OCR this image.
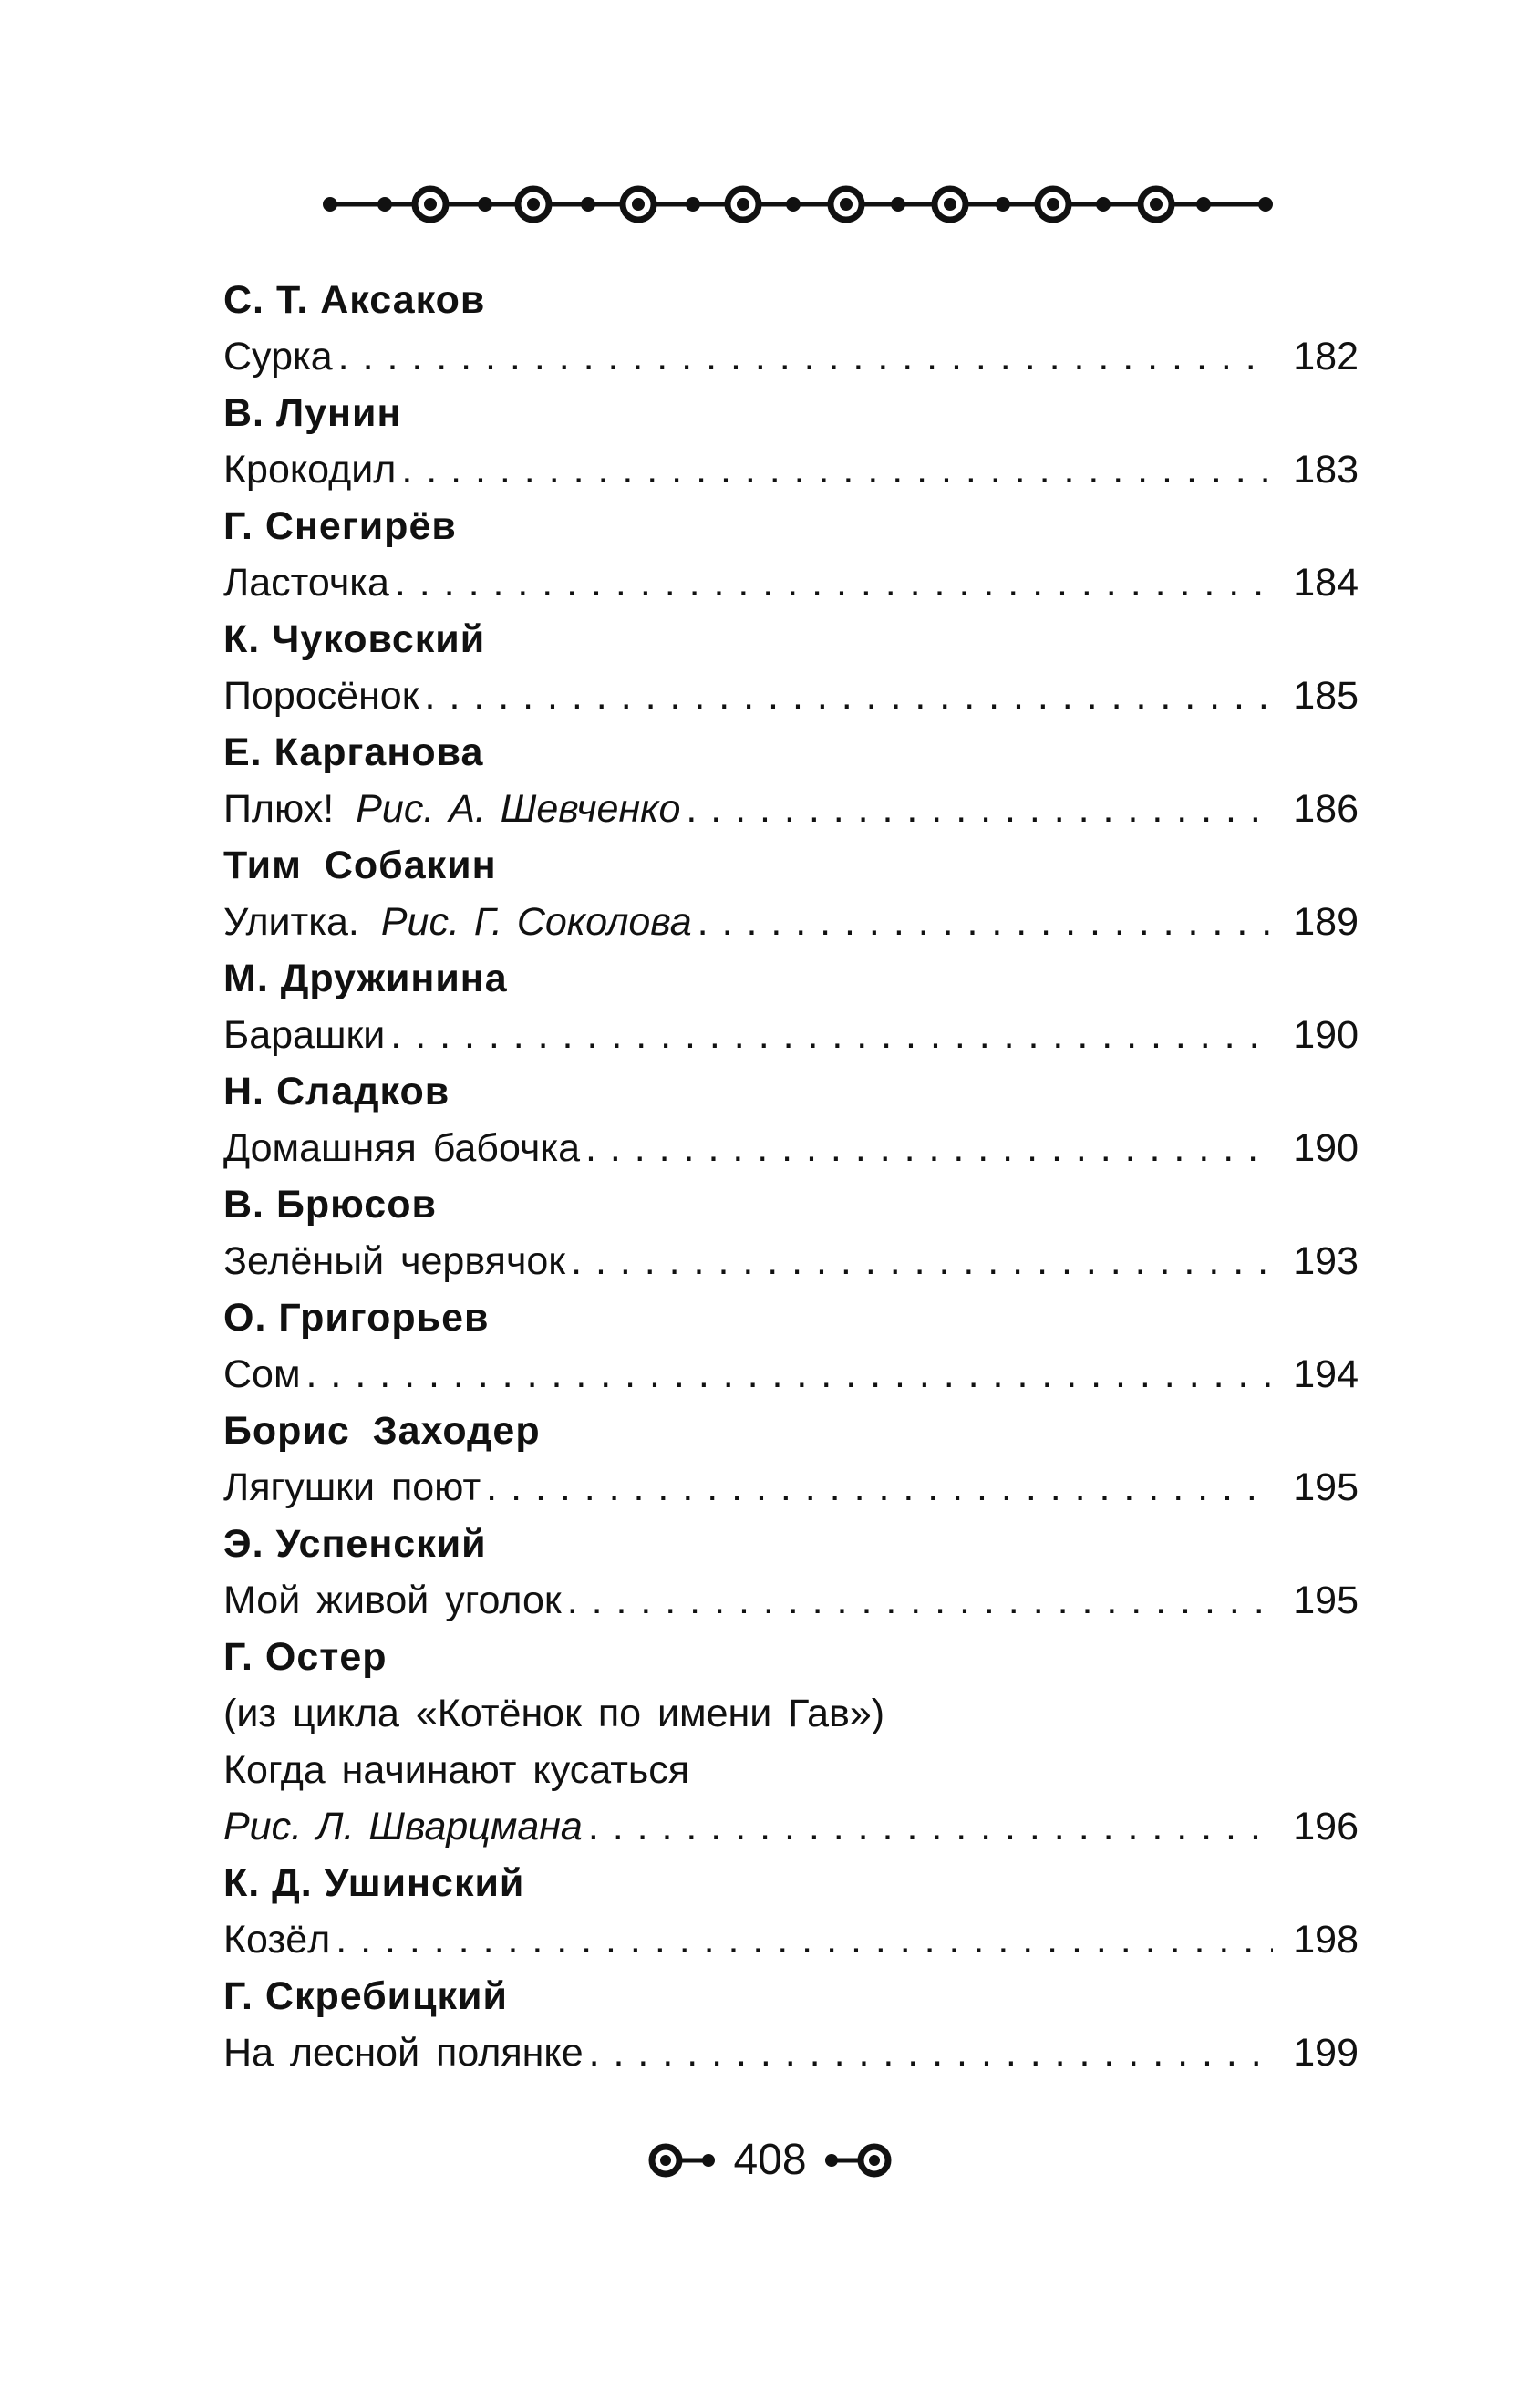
С. Т. Аксаков
Сурка . . .	182
В. Лунин
Крокодил . . .	183
Г. Снегирёв
Ласточка . . .	184
К. Чуковский
Поросёнок . . .	185
Е. Карганова
Плюх! Рис. А. Шевченко . . .	186
Тим Собакин
Улитка. Рис. Г. Соколова . . .	189
М. Дружинина
Барашки . . .	190
Н. Сладков
Домашняя бабочка . . .	190
В. Брюсов
Зелёный червячок . . .	193
О. Григорьев
Сом . . .	194
Борис Заходер
Лягушки поют . . .	195
Э. Успенский
Мой живой уголок . . .	195
Г. Остер
(из цикла «Котёнок по имени Гав»)
Когда начинают кусаться
Рис. Л. Шварцмана . . .	196
К. Д. Ушинский
Козёл . . .	198
Г. Скребицкий
На лесной полянке . . .	199
408
